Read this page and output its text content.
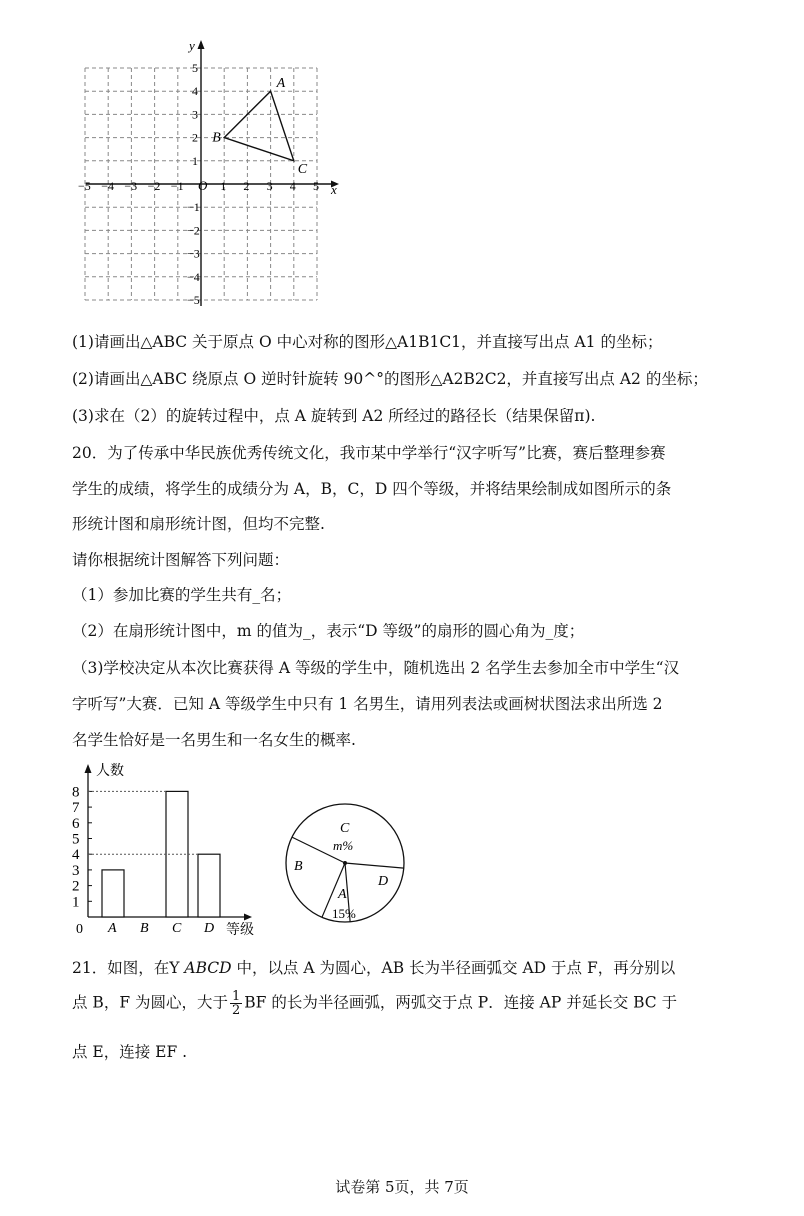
−5 −4 −3 −2 −1	1 2 3 4 5
1
2
3
4
5
−1
−2
−3
−4
−5
O	x
y
A
B
C
(1)请画出△ABC 关于原点 O 中心对称的图形△A1B1C1，并直接写出点 A1 的坐标；
(2)请画出△ABC 绕原点 O 逆时针旋转 90^°的图形△A2B2C2，并直接写出点 A2 的坐标；
(3)求在（2）的旋转过程中，点 A 旋转到 A2 所经过的路径长（结果保留π).
20．为了传承中华民族优秀传统文化，我市某中学举行“汉字听写”比赛，赛后整理参赛
学生的成绩，将学生的成绩分为 A，B，C，D 四个等级，并将结果绘制成如图所示的条
形统计图和扇形统计图，但均不完整.
请你根据统计图解答下列问题：
（1）参加比赛的学生共有_名；
（2）在扇形统计图中，m 的值为_，表示“D 等级”的扇形的圆心角为_度；
（3)学校决定从本次比赛获得 A 等级的学生中，随机选出 2 名学生去参加全市中学生“汉
字听写”大赛．已知 A 等级学生中只有 1 名男生，请用列表法或画树状图法求出所选 2
名学生恰好是一名男生和一名女生的概率.
人数
等级
0
1
2
3
4
5
6
7
8
A B C D
C
m%
B
A
15%
D
21．如图，在Y ABCD 中，以点 A 为圆心，AB 长为半径画弧交 AD 于点 F，再分别以
点 B，F 为圆心，大于 $\frac{1}{2}$ BF 的长为半径画弧，两弧交于点 P．连接 AP 并延长交 BC 于
点 E，连接 EF .
试卷第 5页，共 7页
